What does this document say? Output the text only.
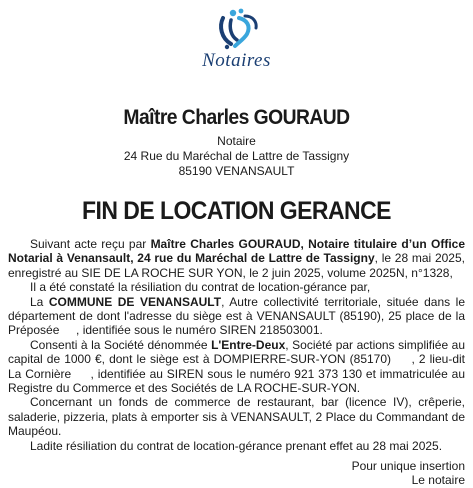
Notaires
Maître Charles GOURAUD
Notaire
24 Rue du Maréchal de Lattre de Tassigny
85190 VENANSAULT
FIN DE LOCATION GERANCE

Suivant acte reçu par Maître Charles GOURAUD, Notaire titulaire d’un Office Notarial à Venansault, 24 rue du Maréchal de Lattre de Tassigny, le 28 mai 2025, enregistré au SIE DE LA ROCHE SUR YON, le 2 juin 2025, volume 2025N, n°1328,

Il a été constaté la résiliation du contrat de location-gérance par,

La COMMUNE DE VENANSAULT, Autre collectivité territoriale, située dans le département de dont l'adresse du siège est à VENANSAULT (85190), 25 place de la Préposée     , identifiée sous le numéro SIREN 218503001.

Consenti à la Société dénommée L'Entre-Deux, Société par actions simplifiée au capital de 1000 €, dont le siège est à DOMPIERRE-SUR-YON (85170)     , 2 lieu-dit La Cornière     , identifiée au SIREN sous le numéro 921 373 130 et immatriculée au Registre du Commerce et des Sociétés de LA ROCHE-SUR-YON.

Concernant un fonds de commerce de restaurant, bar (licence IV), crêperie, saladerie, pizzeria, plats à emporter sis à VENANSAULT, 2 Place du Commandant de Maupéou.

Ladite résiliation du contrat de location-gérance prenant effet au 28 mai 2025.

Pour unique insertion
Le notaire
